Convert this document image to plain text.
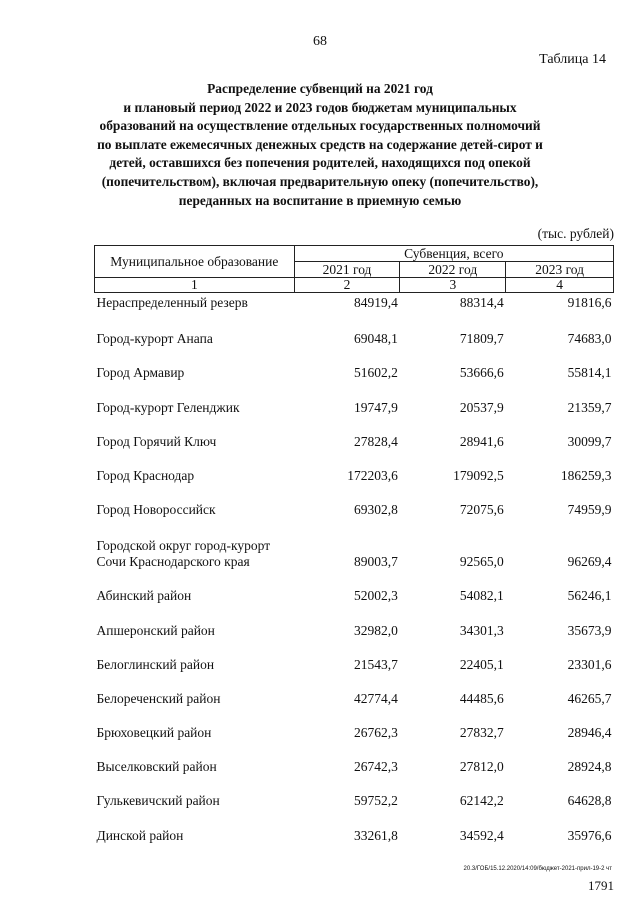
68
Таблица 14
Распределение субвенций на 2021 год
и плановый период 2022 и 2023 годов бюджетам муниципальных
образований на осуществление отдельных государственных полномочий
по выплате ежемесячных денежных средств на содержание детей-сирот и
детей, оставшихся без попечения родителей, находящихся под опекой
(попечительством), включая предварительную опеку (попечительство),
переданных на воспитание в приемную семью
(тыс. рублей)
Муниципальное образование	Субвенция, всего		
	2021 год	2022 год	2023 год
1	2	3	4
Нераспределенный резерв	84919,4	88314,4	91816,6
Город-курорт Анапа	69048,1	71809,7	74683,0
Город Армавир	51602,2	53666,6	55814,1
Город-курорт Геленджик	19747,9	20537,9	21359,7
Город Горячий Ключ	27828,4	28941,6	30099,7
Город Краснодар	172203,6	179092,5	186259,3
Город Новороссийск	69302,8	72075,6	74959,9

Городской округ город-курорт
Сочи Краснодарского края	89003,7	92565,0	96269,4
Абинский район	52002,3	54082,1	56246,1
Апшеронский район	32982,0	34301,3	35673,9
Белоглинский район	21543,7	22405,1	23301,6
Белореченский район	42774,4	44485,6	46265,7
Брюховецкий район	26762,3	27832,7	28946,4
Выселковский район	26742,3	27812,0	28924,8
Гулькевичский район	59752,2	62142,2	64628,8
Динской район	33261,8	34592,4	35976,6
20.3/ГОБ/15.12.2020/14:09/бюджет-2021-прил-19-2 чт
1791
